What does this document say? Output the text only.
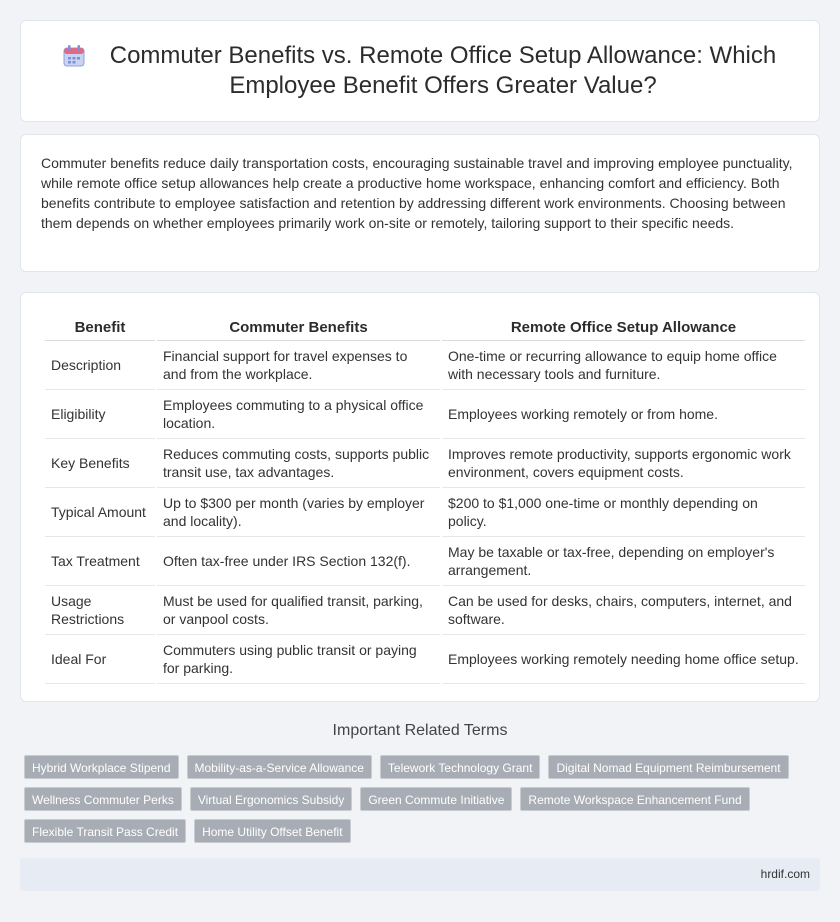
Commuter Benefits vs. Remote Office Setup Allowance: Which Employee Benefit Offers Greater Value?

Commuter benefits reduce daily transportation costs, encouraging sustainable travel and improving employee punctuality, while remote office setup allowances help create a productive home workspace, enhancing comfort and efficiency. Both benefits contribute to employee satisfaction and retention by addressing different work environments. Choosing between them depends on whether employees primarily work on-site or remotely, tailoring support to their specific needs.

Benefit	Commuter Benefits	Remote Office Setup Allowance
Description	Financial support for travel expenses to and from the workplace.	One-time or recurring allowance to equip home office with necessary tools and furniture.
Eligibility	Employees commuting to a physical office location.	Employees working remotely or from home.
Key Benefits	Reduces commuting costs, supports public transit use, tax advantages.	Improves remote productivity, supports ergonomic work environment, covers equipment costs.
Typical Amount	Up to $300 per month (varies by employer and locality).	$200 to $1,000 one-time or monthly depending on policy.
Tax Treatment	Often tax-free under IRS Section 132(f).	May be taxable or tax-free, depending on employer's arrangement.
Usage Restrictions	Must be used for qualified transit, parking, or vanpool costs.	Can be used for desks, chairs, computers, internet, and software.
Ideal For	Commuters using public transit or paying for parking.	Employees working remotely needing home office setup.
Important Related Terms
Hybrid Workplace Stipend	Mobility-as-a-Service Allowance	Telework Technology Grant	Digital Nomad Equipment Reimbursement
Wellness Commuter Perks	Virtual Ergonomics Subsidy	Green Commute Initiative	Remote Workspace Enhancement Fund
Flexible Transit Pass Credit	Home Utility Offset Benefit
hrdif.com
